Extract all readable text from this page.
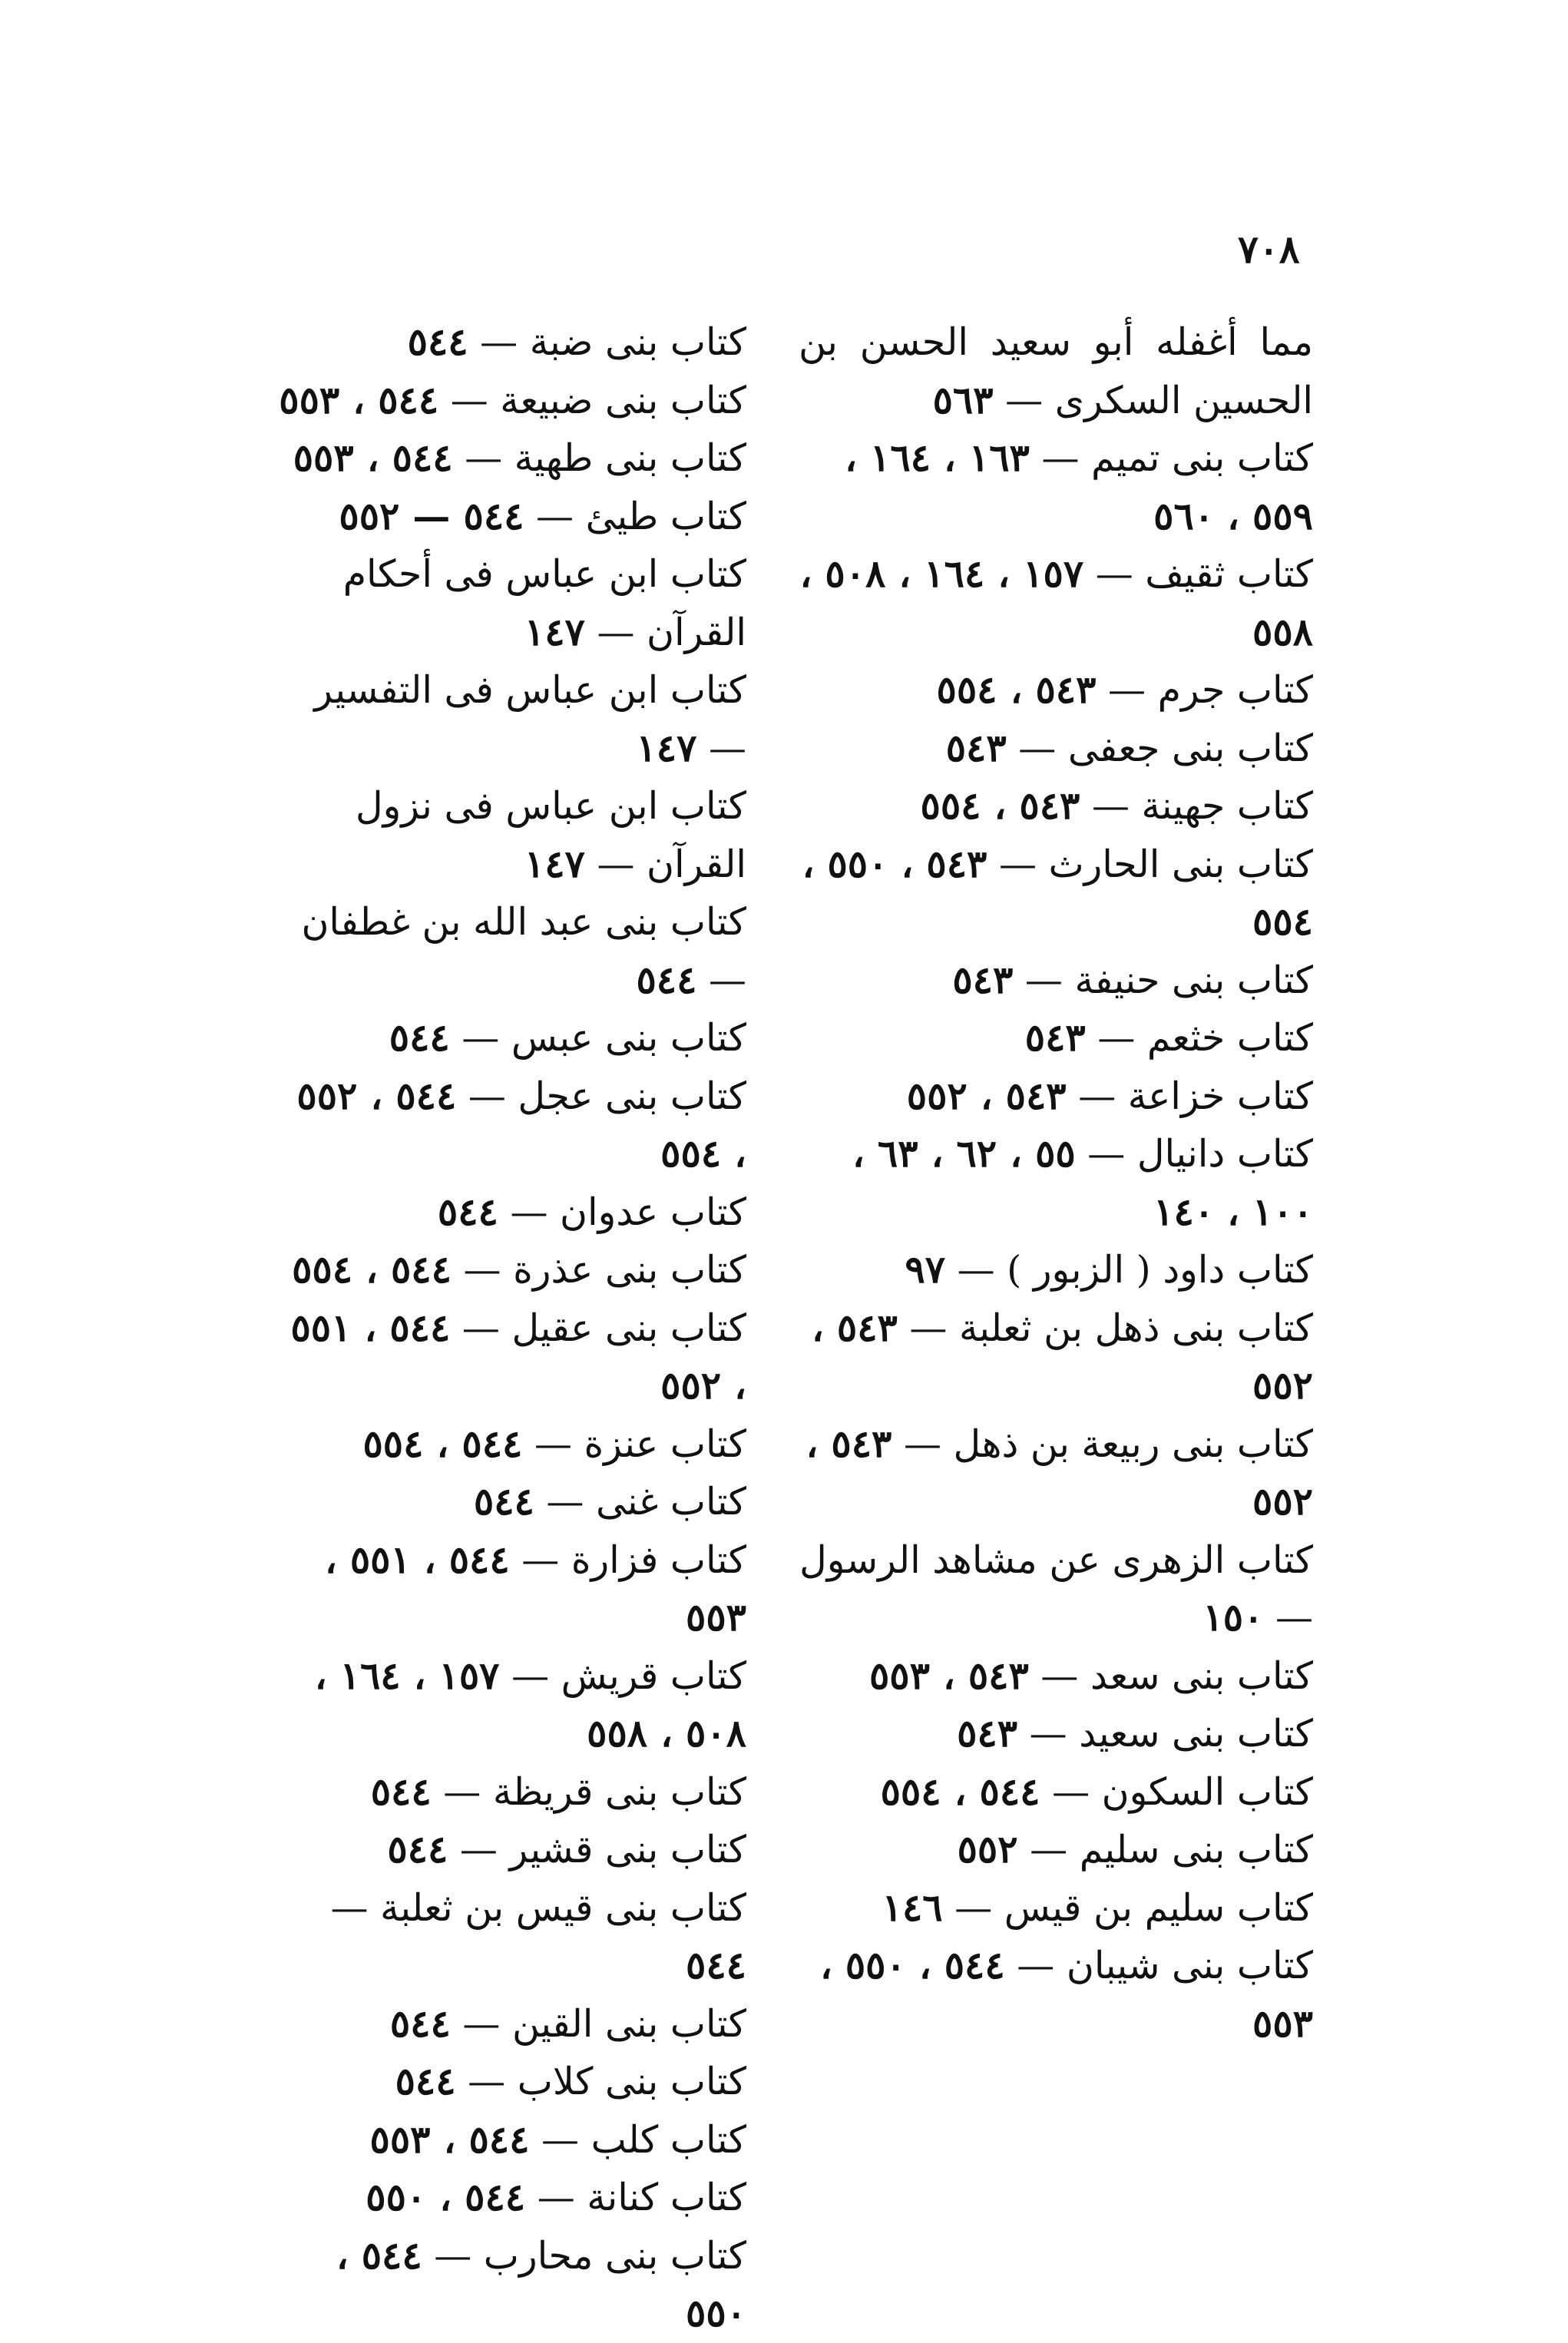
٧٠٨
مما أغفله أبو سعيد الحسن بن الحسين السكرى — ٥٦٣
كتاب بنى تميم — ١٦٣ ، ١٦٤ ، ٥٥٩ ، ٥٦٠
كتاب ثقيف — ١٥٧ ، ١٦٤ ، ٥٠٨ ، ٥٥٨
كتاب جرم — ٥٤٣ ، ٥٥٤
كتاب بنى جعفى — ٥٤٣
كتاب جهينة — ٥٤٣ ، ٥٥٤
كتاب بنى الحارث — ٥٤٣ ، ٥٥٠ ، ٥٥٤
كتاب بنى حنيفة — ٥٤٣
كتاب خثعم — ٥٤٣
كتاب خزاعة — ٥٤٣ ، ٥٥٢
كتاب دانيال — ٥٥ ، ٦٢ ، ٦٣ ، ١٠٠ ، ١٤٠
كتاب داود ( الزبور ) — ٩٧
كتاب بنى ذهل بن ثعلبة — ٥٤٣ ، ٥٥٢
كتاب بنى ربيعة بن ذهل — ٥٤٣ ، ٥٥٢
كتاب الزهرى عن مشاهد الرسول — ١٥٠
كتاب بنى سعد — ٥٤٣ ، ٥٥٣
كتاب بنى سعيد — ٥٤٣
كتاب السكون — ٥٤٤ ، ٥٥٤
كتاب بنى سليم — ٥٥٢
كتاب سليم بن قيس — ١٤٦
كتاب بنى شيبان — ٥٤٤ ، ٥٥٠ ، ٥٥٣
كتاب بنى ضبة — ٥٤٤
كتاب بنى ضبيعة — ٥٤٤ ، ٥٥٣
كتاب بنى طهية — ٥٤٤ ، ٥٥٣
كتاب طيئ — ٥٤٤ — ٥٥٢
كتاب ابن عباس فى أحكام القرآن — ١٤٧
كتاب ابن عباس فى التفسير — ١٤٧
كتاب ابن عباس فى نزول القرآن — ١٤٧
كتاب بنى عبد الله بن غطفان — ٥٤٤
كتاب بنى عبس — ٥٤٤
كتاب بنى عجل — ٥٤٤ ، ٥٥٢ ، ٥٥٤
كتاب عدوان — ٥٤٤
كتاب بنى عذرة — ٥٤٤ ، ٥٥٤
كتاب بنى عقيل — ٥٤٤ ، ٥٥١ ، ٥٥٢
كتاب عنزة — ٥٤٤ ، ٥٥٤
كتاب غنى — ٥٤٤
كتاب فزارة — ٥٤٤ ، ٥٥١ ، ٥٥٣
كتاب قريش — ١٥٧ ، ١٦٤ ، ٥٠٨ ، ٥٥٨
كتاب بنى قريظة — ٥٤٤
كتاب بنى قشير — ٥٤٤
كتاب بنى قيس بن ثعلبة — ٥٤٤
كتاب بنى القين — ٥٤٤
كتاب بنى كلاب — ٥٤٤
كتاب كلب — ٥٤٤ ، ٥٥٣
كتاب كنانة — ٥٤٤ ، ٥٥٠
كتاب بنى محارب — ٥٤٤ ، ٥٥٠
